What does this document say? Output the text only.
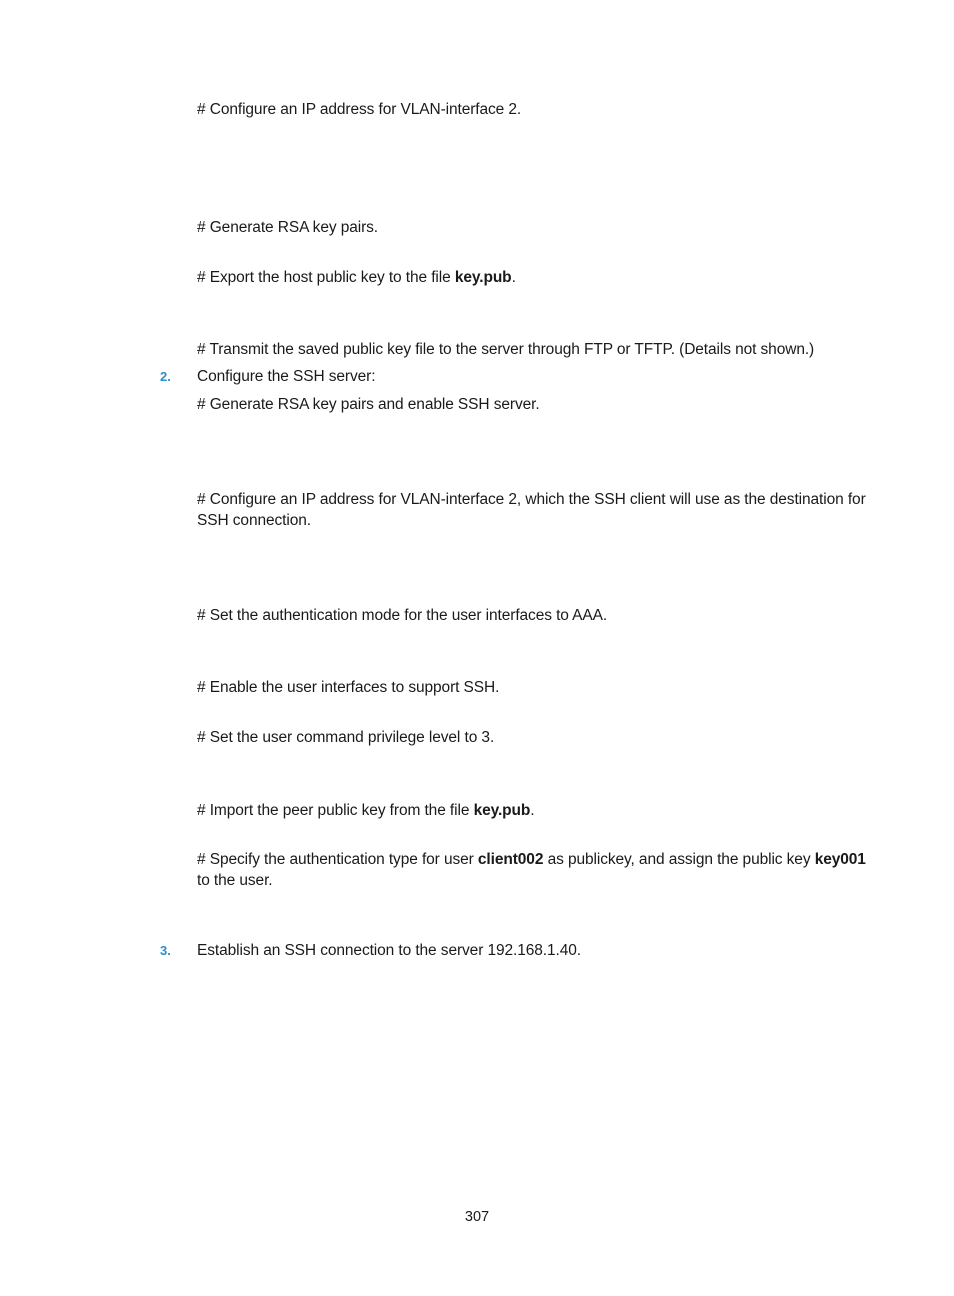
# Configure an IP address for VLAN-interface 2.
# Generate RSA key pairs.
# Export the host public key to the file key.pub.
# Transmit the saved public key file to the server through FTP or TFTP. (Details not shown.)
2. Configure the SSH server:
# Generate RSA key pairs and enable SSH server.
# Configure an IP address for VLAN-interface 2, which the SSH client will use as the destination for SSH connection.
# Set the authentication mode for the user interfaces to AAA.
# Enable the user interfaces to support SSH.
# Set the user command privilege level to 3.
# Import the peer public key from the file key.pub.
# Specify the authentication type for user client002 as publickey, and assign the public key key001 to the user.
3. Establish an SSH connection to the server 192.168.1.40.
307
